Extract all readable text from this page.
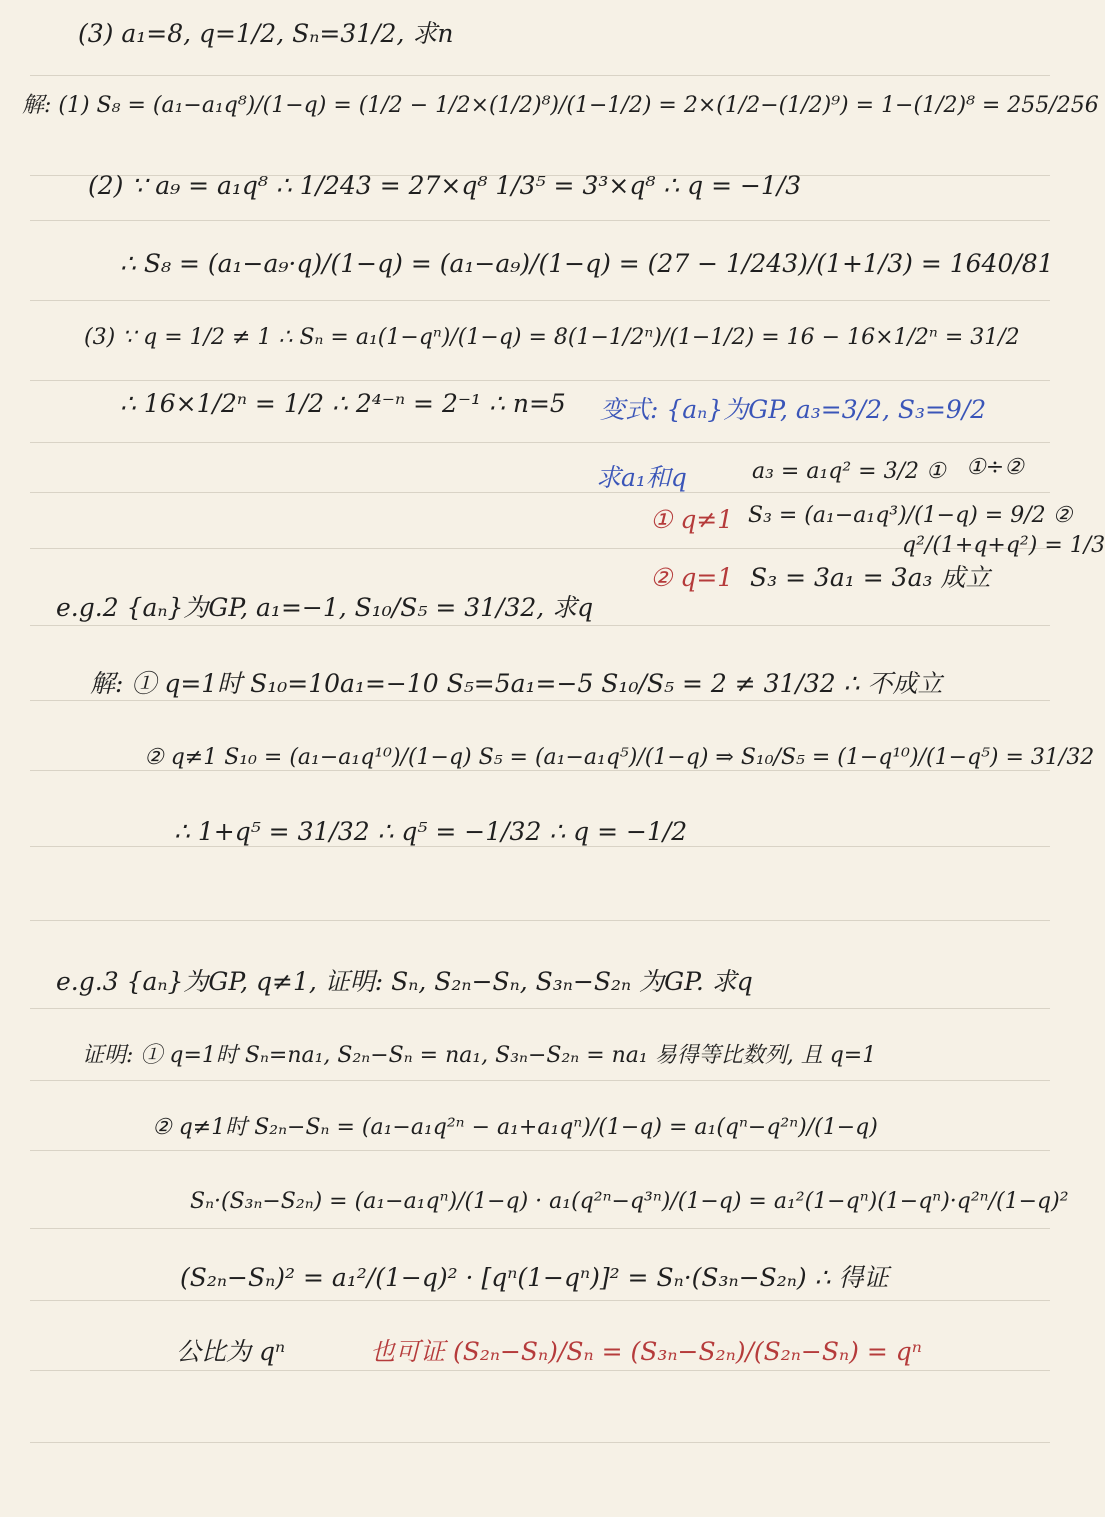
(3) a₁=8, q=1/2, Sₙ=31/2, 求n
解: (1) S₈ = (a₁−a₁q⁸)/(1−q) = (1/2 − 1/2×(1/2)⁸)/(1−1/2) = 2×(1/2−(1/2)⁹) = 1−(1/2)⁸ = 255/256
(2) ∵ a₉ = a₁q⁸ ∴ 1/243 = 27×q⁸ 1/3⁵ = 3³×q⁸ ∴ q = −1/3
∴ S₈ = (a₁−a₉·q)/(1−q) = (a₁−a₉)/(1−q) = (27 − 1/243)/(1+1/3) = 1640/81
(3) ∵ q = 1/2 ≠ 1 ∴ Sₙ = a₁(1−qⁿ)/(1−q) = 8(1−1/2ⁿ)/(1−1/2) = 16 − 16×1/2ⁿ = 31/2
∴ 16×1/2ⁿ = 1/2 ∴ 2⁴⁻ⁿ = 2⁻¹ ∴ n=5 变式: {aₙ}为GP, a₃=3/2, S₃=9/2
求a₁和q	a₃ = a₁q² = 3/2 ① ①÷②
① q≠1 S₃ = (a₁−a₁q³)/(1−q) = 9/2 ②
q²/(1+q+q²) = 1/3
② q=1 S₃ = 3a₁ = 3a₃ 成立
e.g.2 {aₙ}为GP, a₁=−1, S₁₀/S₅ = 31/32, 求q
解: ① q=1时 S₁₀=10a₁=−10 S₅=5a₁=−5 S₁₀/S₅ = 2 ≠ 31/32 ∴ 不成立
② q≠1 S₁₀ = (a₁−a₁q¹⁰)/(1−q) S₅ = (a₁−a₁q⁵)/(1−q) ⇒ S₁₀/S₅ = (1−q¹⁰)/(1−q⁵) = 31/32
∴ 1+q⁵ = 31/32 ∴ q⁵ = −1/32 ∴ q = −1/2
e.g.3 {aₙ}为GP, q≠1, 证明: Sₙ, S₂ₙ−Sₙ, S₃ₙ−S₂ₙ 为GP. 求q
证明: ① q=1时 Sₙ=na₁, S₂ₙ−Sₙ = na₁, S₃ₙ−S₂ₙ = na₁ 易得等比数列, 且 q=1
② q≠1时 S₂ₙ−Sₙ = (a₁−a₁q²ⁿ − a₁+a₁qⁿ)/(1−q) = a₁(qⁿ−q²ⁿ)/(1−q)
Sₙ·(S₃ₙ−S₂ₙ) = (a₁−a₁qⁿ)/(1−q) · a₁(q²ⁿ−q³ⁿ)/(1−q) = a₁²(1−qⁿ)(1−qⁿ)·q²ⁿ/(1−q)²
(S₂ₙ−Sₙ)² = a₁²/(1−q)² · [qⁿ(1−qⁿ)]² = Sₙ·(S₃ₙ−S₂ₙ) ∴ 得证
公比为 qⁿ	也可证 (S₂ₙ−Sₙ)/Sₙ = (S₃ₙ−S₂ₙ)/(S₂ₙ−Sₙ) = qⁿ
